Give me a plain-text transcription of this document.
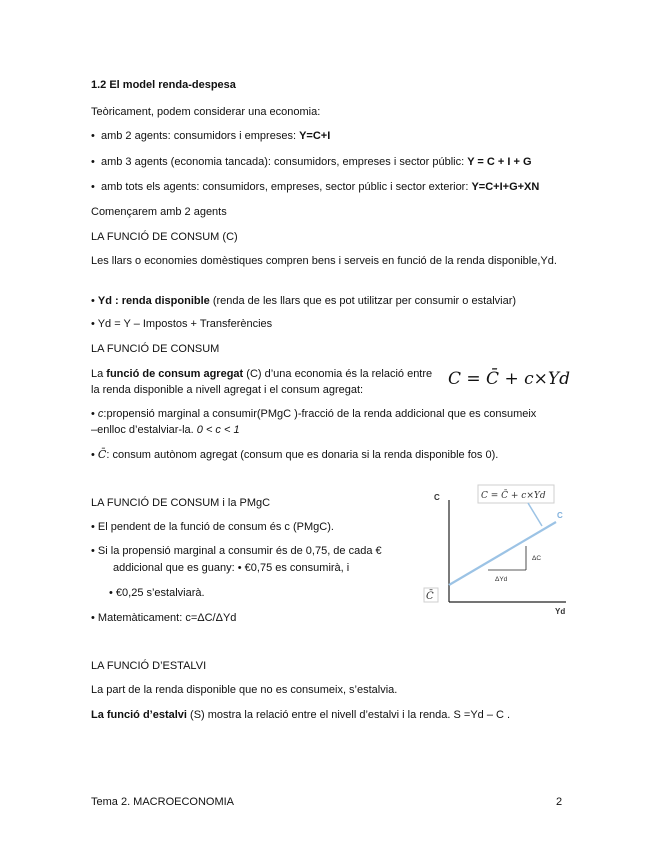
1.2 El model renda-despesa
Teòricament, podem considerar una economia:
•  amb 2 agents: consumidors i empreses: Y=C+I
•  amb 3 agents (economia tancada): consumidors, empreses i sector públic: Y = C + I + G
•  amb tots els agents: consumidors, empreses, sector públic i sector exterior: Y=C+I+G+XN
Començarem amb 2 agents
LA FUNCIÓ DE CONSUM (C)
Les llars o economies domèstiques compren bens i serveis en funció de la renda disponible,Yd.
• Yd : renda disponible (renda de les llars que es pot utilitzar per consumir o estalviar)
• Yd = Y – Impostos + Transferències
LA FUNCIÓ DE CONSUM
La funció de consum agregat (C) d’una economia és la relació entre
la renda disponible a nivell agregat i el consum agregat:
C = C̄ + c×Yd
• c:propensió marginal a consumir(PMgC )-fracció de la renda addicional que es consumeix
–enlloc d’estalviar-la. 0 < c < 1
• C̄: consum autònom agregat (consum que es donaria si la renda disponible fos 0).
LA FUNCIÓ DE CONSUM i la PMgC
• El pendent de la funció de consum és c (PMgC).
• Si la propensió marginal a consumir és de 0,75, de cada €
addicional que es guany: • €0,75 es consumirà, i
• €0,25 s’estalviarà.
• Matemàticament: c=ΔC/ΔYd
C
Yd
C
ΔC
ΔYd
C = C̄ + c×Yd
C̄
LA FUNCIÓ D’ESTALVI
La part de la renda disponible que no es consumeix, s’estalvia.
La funció d’estalvi (S) mostra la relació entre el nivell d’estalvi i la renda. S =Yd – C .
Tema 2. MACROECONOMIA	2
